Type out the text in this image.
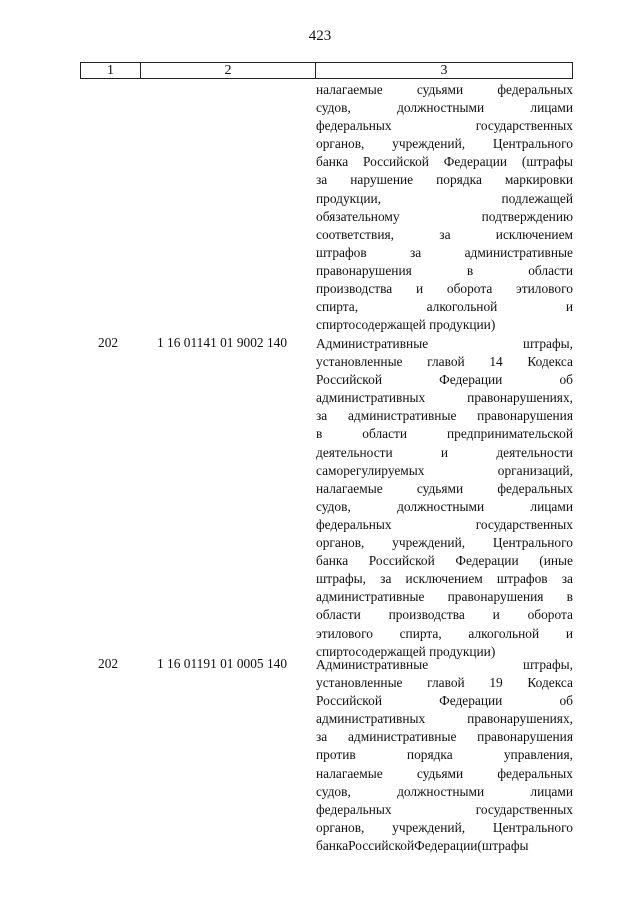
423
1	2	3
налагаемые	судьями	федеральных
судов,	должностными	лицами
федеральных	государственных
органов, учреждений, Центрального
банка Российской Федерации (штрафы
за нарушение порядка маркировки
продукции,	подлежащей
обязательному	подтверждению
соответствия,	за	исключением
штрафов	за	административные
правонарушения	в	области
производства и оборота этилового
спирта,	алкогольной	и
спиртосодержащей продукции)
202	1 16 01141 01 9002 140 Административные	штрафы,
установленные главой 14 Кодекса
Российской	Федерации	об
административных	правонарушениях,
за административные правонарушения
в	области	предпринимательской
деятельности	и	деятельности
саморегулируемых	организаций,
налагаемые	судьями	федеральных
судов,	должностными	лицами
федеральных	государственных
органов, учреждений, Центрального
банка Российской Федерации (иные
штрафы, за исключением штрафов за
административные правонарушения в
области производства и оборота
этилового спирта, алкогольной и
спиртосодержащей продукции)
202	1 16 01191 01 0005 140 Административные	штрафы,
установленные главой 19 Кодекса
Российской	Федерации	об
административных	правонарушениях,
за административные правонарушения
против	порядка	управления,
налагаемые	судьями	федеральных
судов,	должностными	лицами
федеральных	государственных
органов, учреждений, Центрального
банка Российской Федерации (штрафы
